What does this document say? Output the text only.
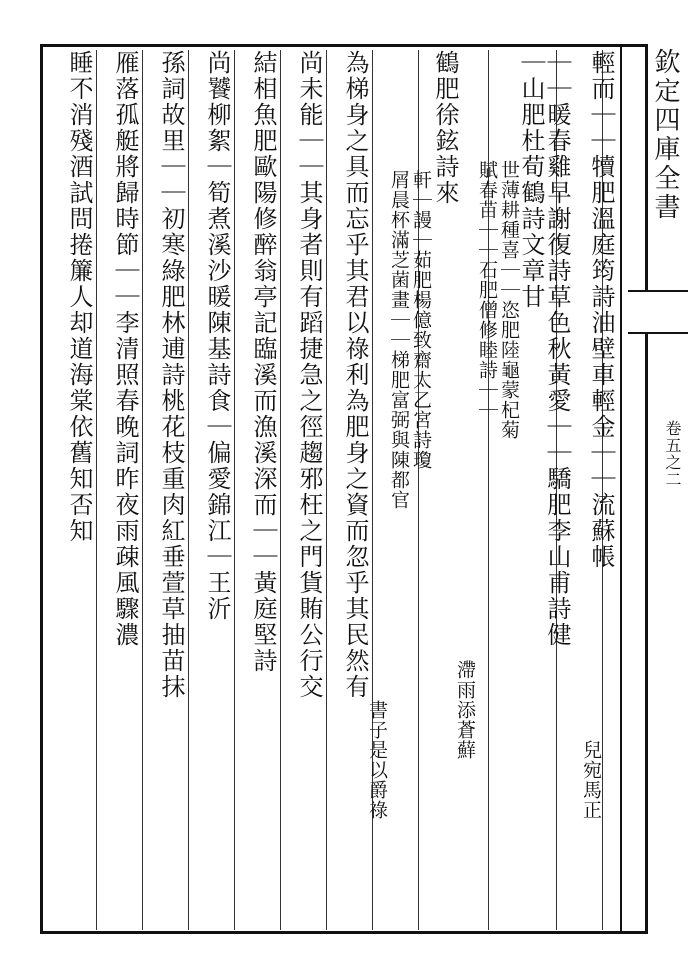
欽定四庫全書
卷五之二
輕而｜｜犢肥溫庭筠詩油壁車輕金｜｜流蘇帳
｜｜暖春雞早謝復詩草色秋黃愛｜｜驕肥李山甫詩健
兒宛馬正
｜山肥杜荀鶴詩文章甘
世薄耕種喜｜｜恣肥陸龜蒙杞菊
賦春苗｜｜石肥僧修睦詩｜｜
滯雨添蒼蘚
鶴肥徐鉉詩來
軒｜謾｜茹肥楊億致齋太乙宮詩瓊
屑晨杯滿芝菌畫｜｜梯肥富弼與陳都官
書子是以爵祿
為梯身之具而忘乎其君以祿利為肥身之資而忽乎其民然有
尚未能｜｜其身者則有蹈捷急之徑趨邪枉之門貨賄公行交
結相魚肥歐陽修醉翁亭記臨溪而漁溪深而｜｜黃庭堅詩
尚饕柳絮｜筍煮溪沙暖陳基詩食｜偏愛錦江｜王沂
孫詞故里｜｜初寒綠肥林逋詩桃花枝重肉紅垂萱草抽苗抹
雁落孤艇將歸時節｜｜李清照春晚詞昨夜雨疎風驟濃
睡不消殘酒試問捲簾人却道海棠依舊知否知
